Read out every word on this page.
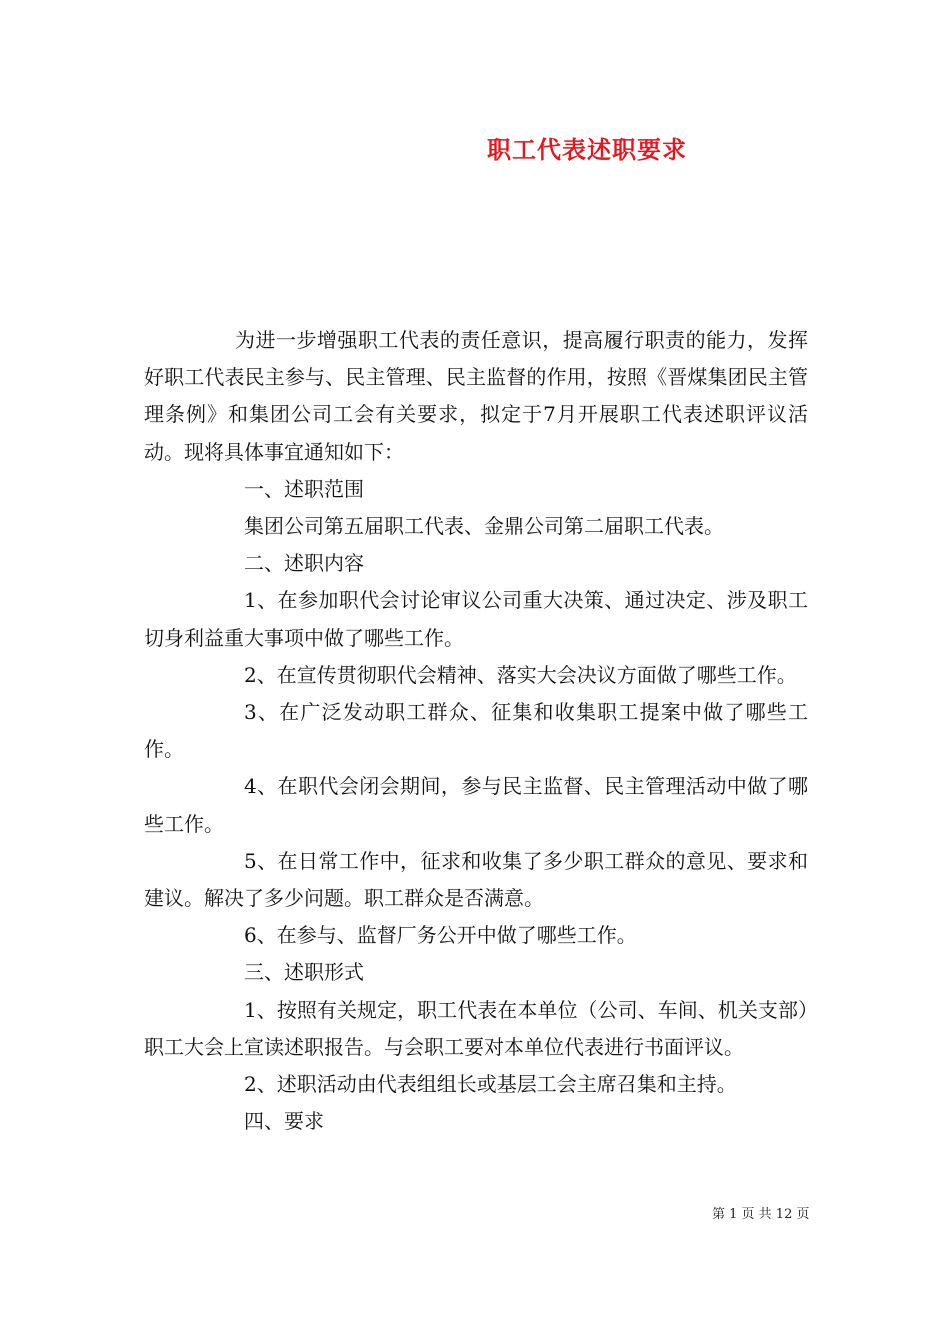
职工代表述职要求

为进一步增强职工代表的责任意识，提高履行职责的能力，发挥好职工代表民主参与、民主管理、民主监督的作用，按照《晋煤集团民主管理条例》和集团公司工会有关要求，拟定于7月开展职工代表述职评议活动。现将具体事宜通知如下：

一、述职范围

集团公司第五届职工代表、金鼎公司第二届职工代表。

二、述职内容

1、在参加职代会讨论审议公司重大决策、通过决定、涉及职工切身利益重大事项中做了哪些工作。

2、在宣传贯彻职代会精神、落实大会决议方面做了哪些工作。

3、在广泛发动职工群众、征集和收集职工提案中做了哪些工作。

4、在职代会闭会期间，参与民主监督、民主管理活动中做了哪些工作。

5、在日常工作中，征求和收集了多少职工群众的意见、要求和建议。解决了多少问题。职工群众是否满意。

6、在参与、监督厂务公开中做了哪些工作。

三、述职形式

1、按照有关规定，职工代表在本单位（公司、车间、机关支部）职工大会上宣读述职报告。与会职工要对本单位代表进行书面评议。

2、述职活动由代表组组长或基层工会主席召集和主持。

四、要求

第 1 页 共 12 页
